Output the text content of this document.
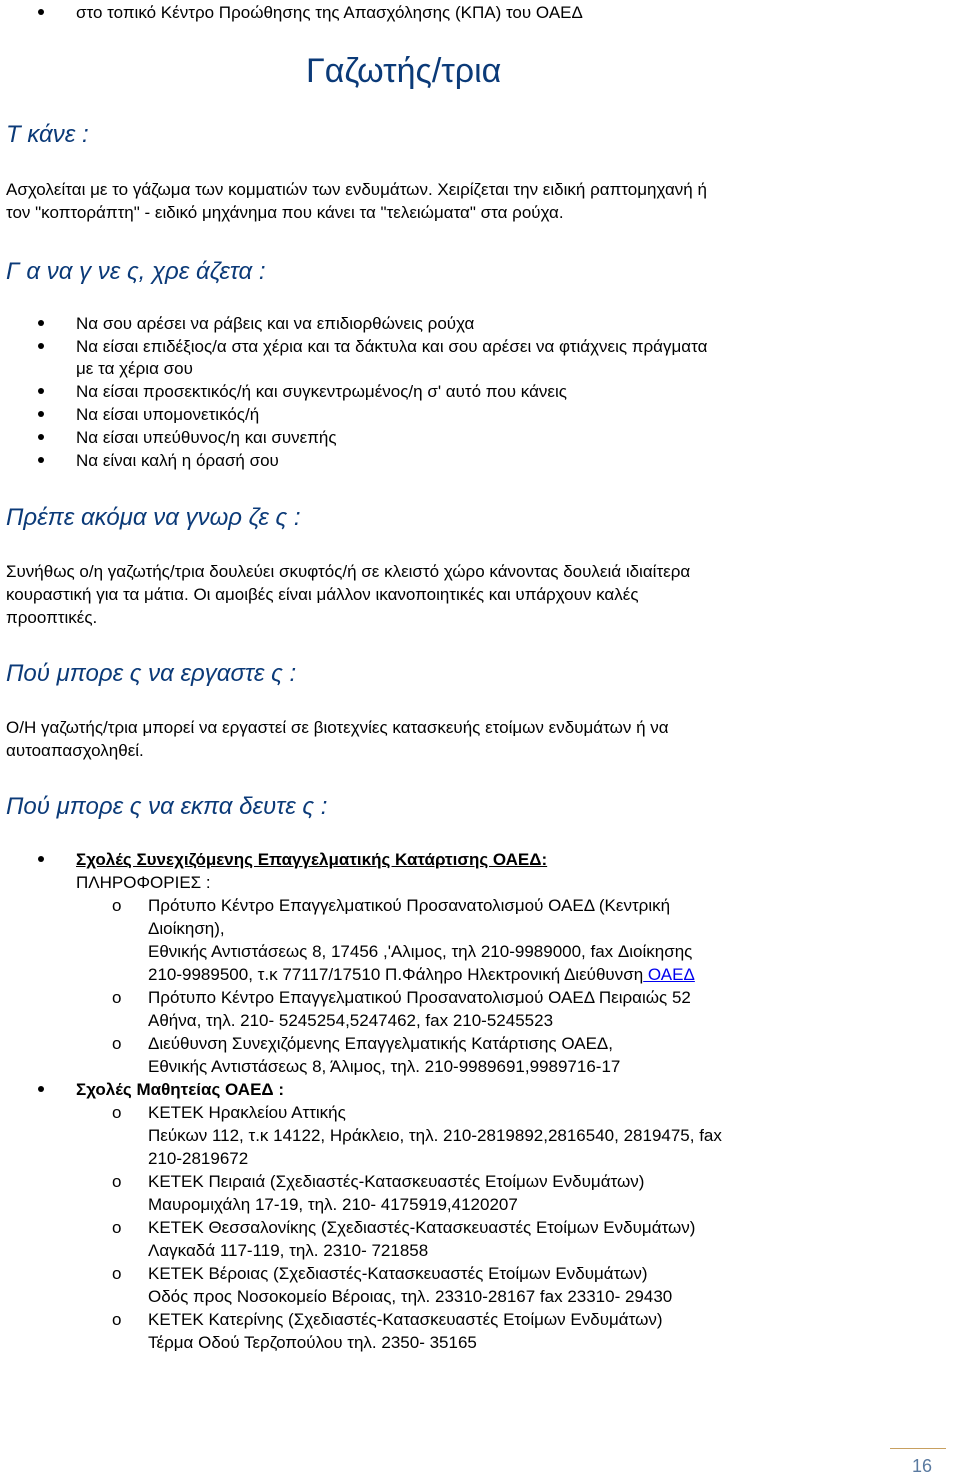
στο τοπικό Κέντρο Προώθησης της Απασχόλησης (ΚΠΑ) του ΟΑΕΔ
Γαζωτής/τρια
Τ κάνε :
Ασχολείται με το γάζωμα των κομματιών των ενδυμάτων. Χειρίζεται την ειδική ραπτομηχανή ή
τον "κοπτοράπτη" - ειδικό μηχάνημα που κάνει τα "τελειώματα" στα ρούχα.
Γ α να γ νε ς, χρε άζετα :
Να σου αρέσει να ράβεις και να επιδιορθώνεις ρούχα
Να είσαι επιδέξιος/α στα χέρια και τα δάκτυλα και σου αρέσει να φτιάχνεις πράγματα
με τα χέρια σου
Να είσαι προσεκτικός/ή και συγκεντρωμένος/η σ' αυτό που κάνεις
Να είσαι υπομονετικός/ή
Να είσαι υπεύθυνος/η και συνεπής
Να είναι καλή η όρασή σου
Πρέπε ακόμα να γνωρ ζε ς :
Συνήθως ο/η γαζωτής/τρια δουλεύει σκυφτός/ή σε κλειστό χώρο κάνοντας δουλειά ιδιαίτερα
κουραστική για τα μάτια. Οι αμοιβές είναι μάλλον ικανοποιητικές και υπάρχουν καλές
προοπτικές.
Πού μπορε ς να εργαστε ς :
Ο/Η γαζωτής/τρια μπορεί να εργαστεί σε βιοτεχνίες κατασκευής ετοίμων ενδυμάτων ή να
αυτοαπασχοληθεί.
Πού μπορε ς να εκπα δευτε ς :
Σχολές Συνεχιζόμενης Επαγγελματικής Κατάρτισης ΟΑΕΔ:
ΠΛΗΡΟΦΟΡΙΕΣ :
o Πρότυπο Κέντρο Επαγγελματικού Προσανατολισμού ΟΑΕΔ (Κεντρική
Διοίκηση),
Εθνικής Αντιστάσεως 8, 17456 ,'Αλιμος, τηλ 210-9989000, fax Διοίκησης
210-9989500, τ.κ 77117/17510 Π.Φάληρο Ηλεκτρονική Διεύθυνση ΟΑΕΔ
o Πρότυπο Κέντρο Επαγγελματικού Προσανατολισμού ΟΑΕΔ Πειραιώς 52
Αθήνα, τηλ. 210- 5245254,5247462, fax 210-5245523
o Διεύθυνση Συνεχιζόμενης Επαγγελματικής Κατάρτισης ΟΑΕΔ,
Εθνικής Αντιστάσεως 8, Άλιμος, τηλ. 210-9989691,9989716-17
Σχολές Μαθητείας ΟΑΕΔ :
o ΚΕΤΕΚ Ηρακλείου Αττικής
Πεύκων 112, τ.κ 14122, Ηράκλειο, τηλ. 210-2819892,2816540, 2819475, fax
210-2819672
o ΚΕΤΕΚ Πειραιά (Σχεδιαστές-Κατασκευαστές Ετοίμων Ενδυμάτων)
Μαυρομιχάλη 17-19, τηλ. 210- 4175919,4120207
o ΚΕΤΕΚ Θεσσαλονίκης (Σχεδιαστές-Κατασκευαστές Ετοίμων Ενδυμάτων)
Λαγκαδά 117-119, τηλ. 2310- 721858
o ΚΕΤΕΚ Βέροιας (Σχεδιαστές-Κατασκευαστές Ετοίμων Ενδυμάτων)
Οδός προς Νοσοκομείο Βέροιας, τηλ. 23310-28167 fax 23310- 29430
o ΚΕΤΕΚ Κατερίνης (Σχεδιαστές-Κατασκευαστές Ετοίμων Ενδυμάτων)
Τέρμα Οδού Τερζοπούλου τηλ. 2350- 35165
16
